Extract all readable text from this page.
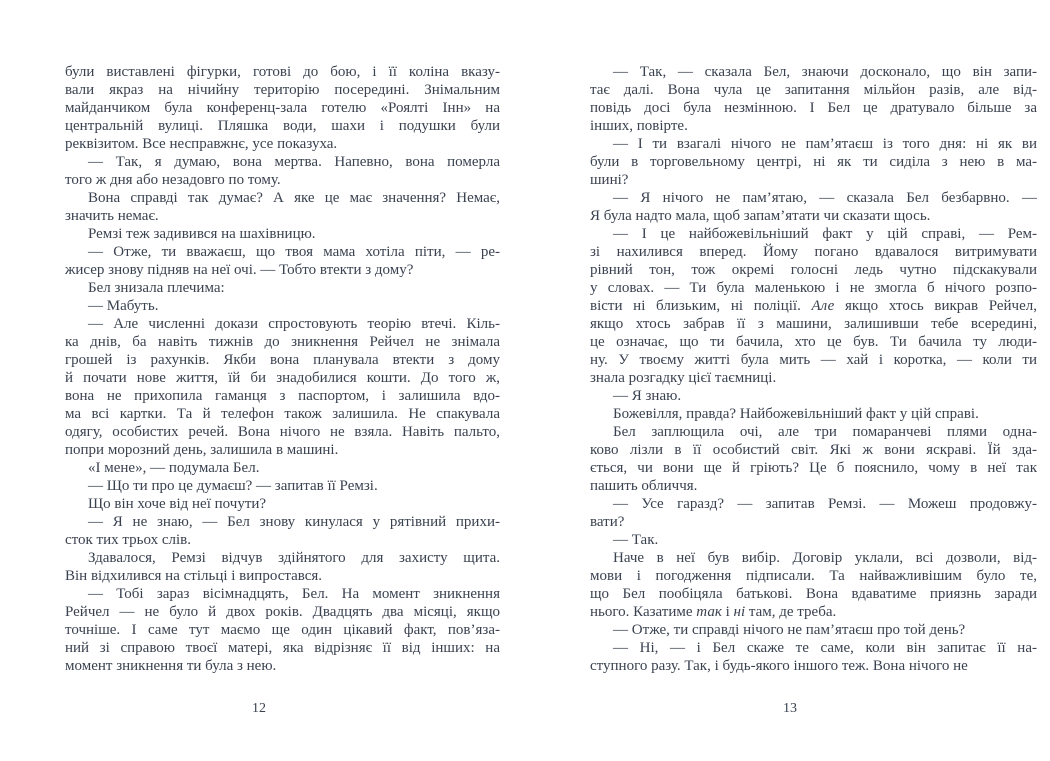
були виставлені фігурки, готові до бою, і її коліна вказу-
вали якраз на нічийну територію посередині. Знімальним
майданчиком була конференц-зала готелю «Роялті Інн» на
центральній вулиці. Пляшка води, шахи і подушки були
реквізитом. Все несправжнє, усе показуха.
— Так, я думаю, вона мертва. Напевно, вона померла
того ж дня або незадовго по тому.
Вона справді так думає? А яке це має значення? Немає,
значить немає.
Ремзі теж задивився на шахівницю.
— Отже, ти вважаєш, що твоя мама хотіла піти, — ре-
жисер знову підняв на неї очі. — Тобто втекти з дому?
Бел знизала плечима:
— Мабуть.
— Але численні докази спростовують теорію втечі. Кіль-
ка днів, ба навіть тижнів до зникнення Рейчел не знімала
грошей із рахунків. Якби вона планувала втекти з дому
й почати нове життя, їй би знадобилися кошти. До того ж,
вона не прихопила гаманця з паспортом, і залишила вдо-
ма всі картки. Та й телефон також залишила. Не спакувала
одягу, особистих речей. Вона нічого не взяла. Навіть пальто,
попри морозний день, залишила в машині.
«І мене», — подумала Бел.
— Що ти про це думаєш? — запитав її Ремзі.
Що він хоче від неї почути?
— Я не знаю, — Бел знову кинулася у рятівний прихи-
сток тих трьох слів.
Здавалося, Ремзі відчув здійнятого для захисту щита.
Він відхилився на стільці і випростався.
— Тобі зараз вісімнадцять, Бел. На момент зникнення
Рейчел — не було й двох років. Двадцять два місяці, якщо
точніше. І саме тут маємо ще один цікавий факт, пов’яза-
ний зі справою твоєї матері, яка відрізняє її від інших: на
момент зникнення ти була з нею.
12
— Так, — сказала Бел, знаючи досконало, що він запи-
тає далі. Вона чула це запитання мільйон разів, але від-
повідь досі була незмінною. І Бел це дратувало більше за
інших, повірте.
— І ти взагалі нічого не пам’ятаєш із того дня: ні як ви
були в торговельному центрі, ні як ти сиділа з нею в ма-
шині?
— Я нічого не пам’ятаю, — сказала Бел безбарвно. —
Я була надто мала, щоб запам’ятати чи сказати щось.
— І це найбожевільніший факт у цій справі, — Рем-
зі нахилився вперед. Йому погано вдавалося витримувати
рівний тон, тож окремі голосні ледь чутно підскакували
у словах. — Ти була маленькою і не змогла б нічого розпо-
вісти ні близьким, ні поліції. Але якщо хтось викрав Рейчел,
якщо хтось забрав її з машини, залишивши тебе всередині,
це означає, що ти бачила, хто це був. Ти бачила ту люди-
ну. У твоєму житті була мить — хай і коротка, — коли ти
знала розгадку цієї таємниці.
— Я знаю.
Божевілля, правда? Найбожевільніший факт у цій справі.
Бел заплющила очі, але три помаранчеві плями одна-
ково лізли в її особистий світ. Які ж вони яскраві. Їй зда-
ється, чи вони ще й гріють? Це б пояснило, чому в неї так
пашить обличчя.
— Усе гаразд? — запитав Ремзі. — Можеш продовжу-
вати?
— Так.
Наче в неї був вибір. Договір уклали, всі дозволи, від-
мови і погодження підписали. Та найважливішим було те,
що Бел пообіцяла батькові. Вона вдаватиме приязнь заради
нього. Казатиме так і ні там, де треба.
— Отже, ти справді нічого не пам’ятаєш про той день?
— Ні, — і Бел скаже те саме, коли він запитає її на-
ступного разу. Так, і будь-якого іншого теж. Вона нічого не
13
